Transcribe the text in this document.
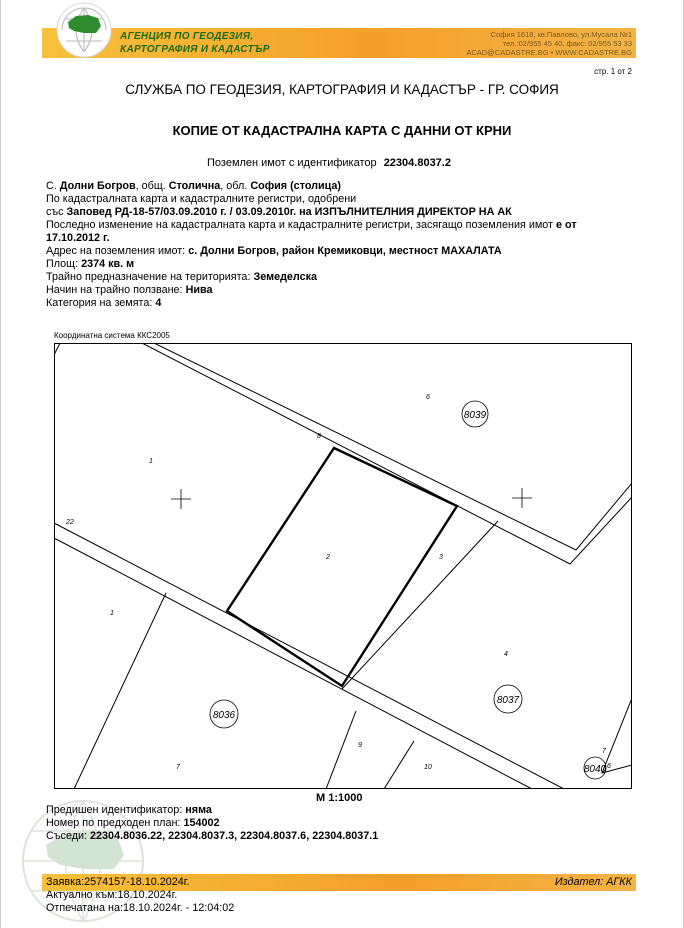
АГЕНЦИЯ ПО ГЕОДЕЗИЯ,
КАРТОГРАФИЯ И КАДАСТЪР
София 1618, кв.Павлово, ул.Мусала №1
тел.:02/955 45 40, факс: 02/955 53 33
ACAD@CADASTRE.BG • WWW.CADASTRE.BG
стр. 1 от 2
СЛУЖБА ПО ГЕОДЕЗИЯ, КАРТОГРАФИЯ И КАДАСТЪР - ГР. СОФИЯ
КОПИЕ ОТ КАДАСТРАЛНА КАРТА С ДАННИ ОТ КРНИ
Поземлен имот с идентификатор 22304.8037.2
С. Долни Богров, общ. Столична, обл. София (столица)
По кадастралната карта и кадастралните регистри, одобрени
със Заповед РД-18-57/03.09.2010 г. / 03.09.2010г. на ИЗПЪЛНИТЕЛНИЯ ДИРЕКТОР НА АК
Последно изменение на кадастралната карта и кадастралните регистри, засягащо поземления имот е от
17.10.2012 г.
Адрес на поземления имот: с. Долни Богров, район Кремиковци, местност МАХАЛАТА
Площ: 2374 кв. м
Трайно предназначение на територията: Земеделска
Начин на трайно ползване: Нива
Категория на земята: 4
Координатна система ККС2005
8039
8036
8037
8040
1
1
2	3
4
6
7
8
9
10
22
7
6
М 1:1000
Предишен идентификатор: няма
Номер по предходен план: 154002
Съседи: 22304.8036.22, 22304.8037.3, 22304.8037.6, 22304.8037.1
Заявка:2574157-18.10.2024г.
Актуално към:18.10.2024г.
Отпечатана на:18.10.2024г. - 12:04:02
Издател: АГКК
